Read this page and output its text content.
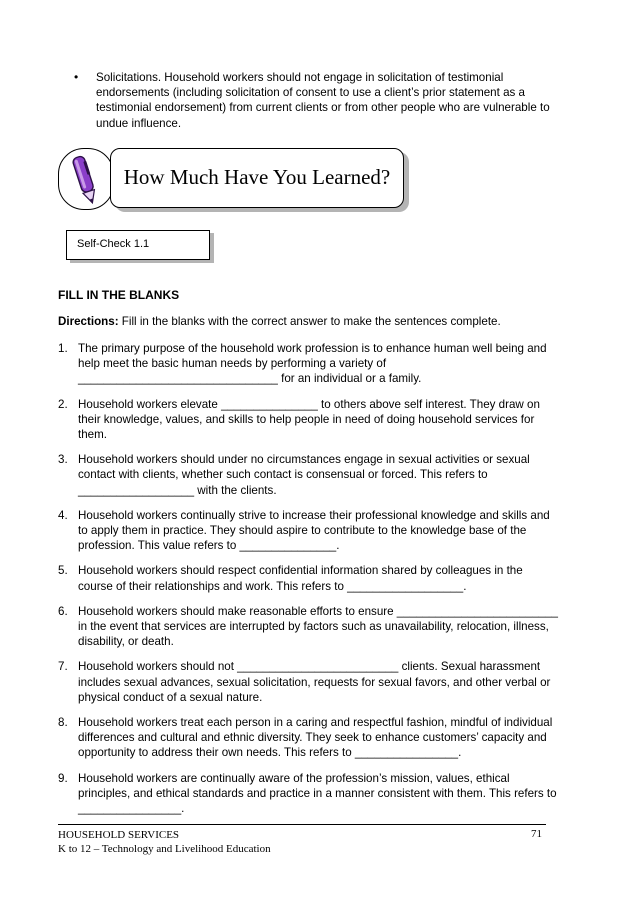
• Solicitations. Household workers should not engage in solicitation of testimonial endorsements (including solicitation of consent to use a client’s prior statement as a testimonial endorsement) from current clients or from other people who are vulnerable to undue influence.
How Much Have You Learned?
Self-Check 1.1
FILL IN THE BLANKS
Directions: Fill in the blanks with the correct answer to make the sentences complete.
1. The primary purpose of the household work profession is to enhance human well being and help meet the basic human needs by performing a variety of _______________________________ for an individual or a family.
2. Household workers elevate _______________ to others above self interest. They draw on their knowledge, values, and skills to help people in need of doing household services for them.
3. Household workers should under no circumstances engage in sexual activities or sexual contact with clients, whether such contact is consensual or forced. This refers to __________________ with the clients.
4. Household workers continually strive to increase their professional knowledge and skills and to apply them in practice. They should aspire to contribute to the knowledge base of the profession. This value refers to _______________.
5. Household workers should respect confidential information shared by colleagues in the course of their relationships and work. This refers to __________________.
6. Household workers should make reasonable efforts to ensure _________________________ in the event that services are interrupted by factors such as unavailability, relocation, illness, disability, or death.
7. Household workers should not _________________________ clients. Sexual harassment includes sexual advances, sexual solicitation, requests for sexual favors, and other verbal or physical conduct of a sexual nature.
8. Household workers treat each person in a caring and respectful fashion, mindful of individual differences and cultural and ethnic diversity. They seek to enhance customers’ capacity and opportunity to address their own needs. This refers to ________________.
9. Household workers are continually aware of the profession’s mission, values, ethical principles, and ethical standards and practice in a manner consistent with them. This refers to ________________.
HOUSEHOLD SERVICES
K to 12 – Technology and Livelihood Education
71
